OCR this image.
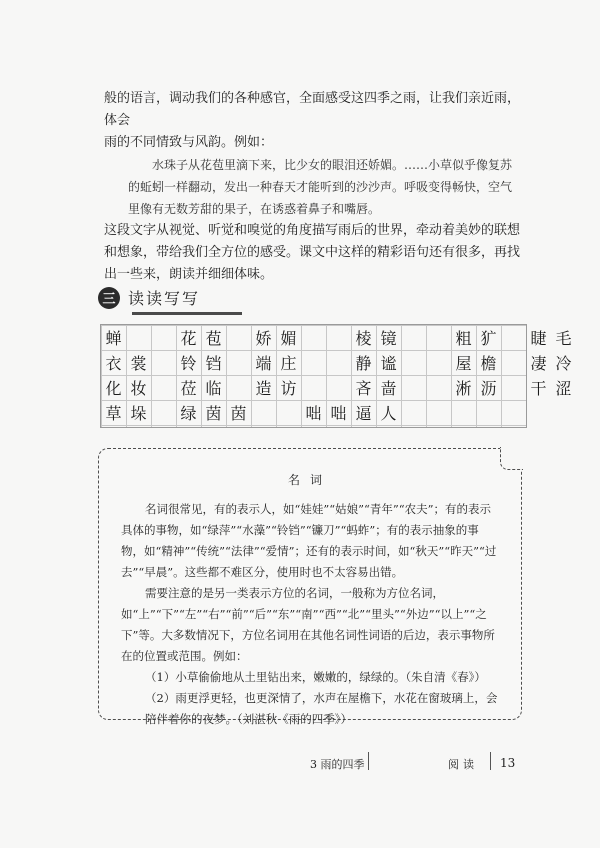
般的语言，调动我们的各种感官，全面感受这四季之雨，让我们亲近雨，体会

雨的不同情致与风韵。例如：

水珠子从花苞里滴下来，比少女的眼泪还娇媚。……小草似乎像复苏的蚯蚓一样翻动，发出一种春天才能听到的沙沙声。呼吸变得畅快，空气里像有无数芳甜的果子，在诱惑着鼻子和嘴唇。

这段文字从视觉、听觉和嗅觉的角度描写雨后的世界，牵动着美妙的联想和想象，带给我们全方位的感受。课文中这样的精彩语句还有很多，再找出一些来，朗读并细细体味。

三 读读写写
蝉	花 苞 娇 媚	棱 镜	粗 犷 睫 毛
衣 裳 铃 铛 端 庄	静 谧	屋 檐 凄 冷
化 妆 莅 临 造 访	吝 啬	淅 沥 干 涩
草 垛 绿 茵 茵	咄 咄 逼 人
名词

名词很常见，有的表示人，如“娃娃”“姑娘”“青年”“农夫”；有的表示具体的事物，如“绿萍”“水藻”“铃铛”“镰刀”“蚂蚱”；有的表示抽象的事物，如“精神”“传统”“法律”“爱情”；还有的表示时间，如“秋天”“昨天”“过去”“早晨”。这些都不难区分，使用时也不太容易出错。

需要注意的是另一类表示方位的名词，一般称为方位名词，如“上”“下”“左”“右”“前”“后”“东”“南”“西”“北”“里头”“外边”“以上”“之下”等。大多数情况下，方位名词用在其他名词性词语的后边，表示事物所在的位置或范围。例如：

（1）小草偷偷地从土里钻出来，嫩嫩的，绿绿的。（朱自清《春》）

（2）雨更浮更轻，也更深情了，水声在屋檐下，水花在窗玻璃上，会陪伴着你的夜梦。（刘湛秋《雨的四季》）

3 雨的四季	阅读 13
